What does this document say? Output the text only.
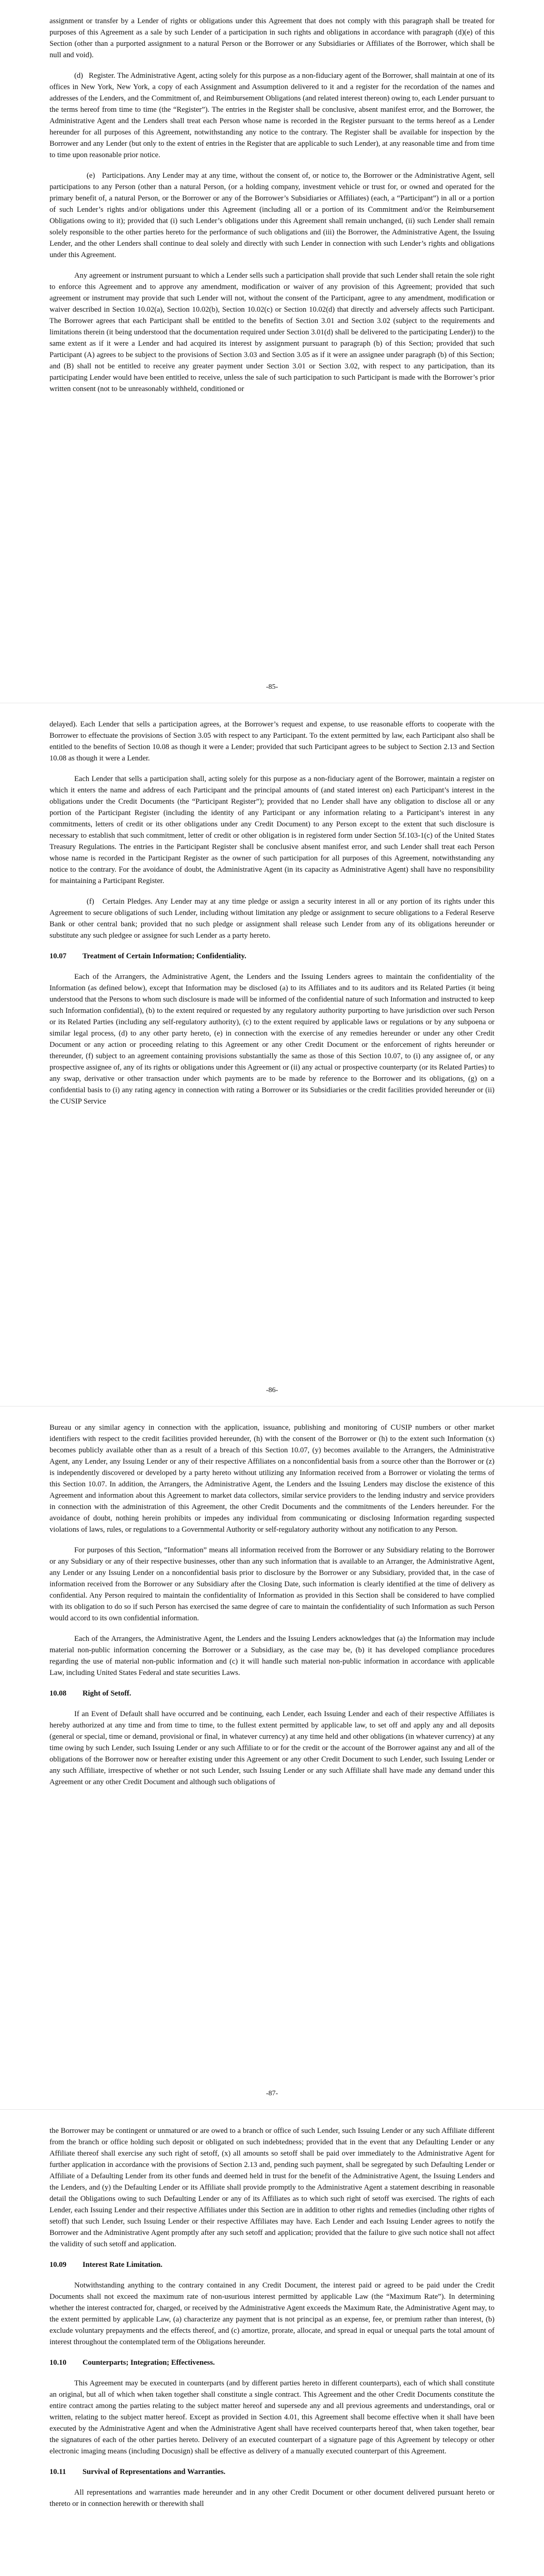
assignment or transfer by a Lender of rights or obligations under this Agreement that does not comply with this paragraph shall be treated for purposes of this Agreement as a sale by such Lender of a participation in such rights and obligations in accordance with paragraph (d)(e) of this Section (other than a purported assignment to a natural Person or the Borrower or any Subsidiaries or Affiliates of the Borrower, which shall be null and void).

(d)   Register. The Administrative Agent, acting solely for this purpose as a non-fiduciary agent of the Borrower, shall maintain at one of its offices in New York, New York, a copy of each Assignment and Assumption delivered to it and a register for the recordation of the names and addresses of the Lenders, and the Commitment of, and Reimbursement Obligations (and related interest thereon) owing to, each Lender pursuant to the terms hereof from time to time (the “Register”). The entries in the Register shall be conclusive, absent manifest error, and the Borrower, the Administrative Agent and the Lenders shall treat each Person whose name is recorded in the Register pursuant to the terms hereof as a Lender hereunder for all purposes of this Agreement, notwithstanding any notice to the contrary. The Register shall be available for inspection by the Borrower and any Lender (but only to the extent of entries in the Register that are applicable to such Lender), at any reasonable time and from time to time upon reasonable prior notice.

(e)   Participations. Any Lender may at any time, without the consent of, or notice to, the Borrower or the Administrative Agent, sell participations to any Person (other than a natural Person, (or a holding company, investment vehicle or trust for, or owned and operated for the primary benefit of, a natural Person, or the Borrower or any of the Borrower’s Subsidiaries or Affiliates) (each, a “Participant”) in all or a portion of such Lender’s rights and/or obligations under this Agreement (including all or a portion of its Commitment and/or the Reimbursement Obligations owing to it); provided that (i) such Lender’s obligations under this Agreement shall remain unchanged, (ii) such Lender shall remain solely responsible to the other parties hereto for the performance of such obligations and (iii) the Borrower, the Administrative Agent, the Issuing Lender, and the other Lenders shall continue to deal solely and directly with such Lender in connection with such Lender’s rights and obligations under this Agreement.

Any agreement or instrument pursuant to which a Lender sells such a participation shall provide that such Lender shall retain the sole right to enforce this Agreement and to approve any amendment, modification or waiver of any provision of this Agreement; provided that such agreement or instrument may provide that such Lender will not, without the consent of the Participant, agree to any amendment, modification or waiver described in Section 10.02(a), Section 10.02(b), Section 10.02(c) or Section 10.02(d) that directly and adversely affects such Participant. The Borrower agrees that each Participant shall be entitled to the benefits of Section 3.01 and Section 3.02 (subject to the requirements and limitations therein (it being understood that the documentation required under Section 3.01(d) shall be delivered to the participating Lender)) to the same extent as if it were a Lender and had acquired its interest by assignment pursuant to paragraph (b) of this Section; provided that such Participant (A) agrees to be subject to the provisions of Section 3.03 and Section 3.05 as if it were an assignee under paragraph (b) of this Section; and (B) shall not be entitled to receive any greater payment under Section 3.01 or Section 3.02, with respect to any participation, than its participating Lender would have been entitled to receive, unless the sale of such participation to such Participant is made with the Borrower’s prior written consent (not to be unreasonably withheld, conditioned or

-85-

delayed). Each Lender that sells a participation agrees, at the Borrower’s request and expense, to use reasonable efforts to cooperate with the Borrower to effectuate the provisions of Section 3.05 with respect to any Participant. To the extent permitted by law, each Participant also shall be entitled to the benefits of Section 10.08 as though it were a Lender; provided that such Participant agrees to be subject to Section 2.13 and Section 10.08 as though it were a Lender.

Each Lender that sells a participation shall, acting solely for this purpose as a non-fiduciary agent of the Borrower, maintain a register on which it enters the name and address of each Participant and the principal amounts of (and stated interest on) each Participant’s interest in the obligations under the Credit Documents (the “Participant Register”); provided that no Lender shall have any obligation to disclose all or any portion of the Participant Register (including the identity of any Participant or any information relating to a Participant’s interest in any commitments, letters of credit or its other obligations under any Credit Document) to any Person except to the extent that such disclosure is necessary to establish that such commitment, letter of credit or other obligation is in registered form under Section 5f.103-1(c) of the United States Treasury Regulations. The entries in the Participant Register shall be conclusive absent manifest error, and such Lender shall treat each Person whose name is recorded in the Participant Register as the owner of such participation for all purposes of this Agreement, notwithstanding any notice to the contrary. For the avoidance of doubt, the Administrative Agent (in its capacity as Administrative Agent) shall have no responsibility for maintaining a Participant Register.

(f)   Certain Pledges. Any Lender may at any time pledge or assign a security interest in all or any portion of its rights under this Agreement to secure obligations of such Lender, including without limitation any pledge or assignment to secure obligations to a Federal Reserve Bank or other central bank; provided that no such pledge or assignment shall release such Lender from any of its obligations hereunder or substitute any such pledgee or assignee for such Lender as a party hereto.

10.07 Treatment of Certain Information; Confidentiality.

Each of the Arrangers, the Administrative Agent, the Lenders and the Issuing Lenders agrees to maintain the confidentiality of the Information (as defined below), except that Information may be disclosed (a) to its Affiliates and to its auditors and its Related Parties (it being understood that the Persons to whom such disclosure is made will be informed of the confidential nature of such Information and instructed to keep such Information confidential), (b) to the extent required or requested by any regulatory authority purporting to have jurisdiction over such Person or its Related Parties (including any self-regulatory authority), (c) to the extent required by applicable laws or regulations or by any subpoena or similar legal process, (d) to any other party hereto, (e) in connection with the exercise of any remedies hereunder or under any other Credit Document or any action or proceeding relating to this Agreement or any other Credit Document or the enforcement of rights hereunder or thereunder, (f) subject to an agreement containing provisions substantially the same as those of this Section 10.07, to (i) any assignee of, or any prospective assignee of, any of its rights or obligations under this Agreement or (ii) any actual or prospective counterparty (or its Related Parties) to any swap, derivative or other transaction under which payments are to be made by reference to the Borrower and its obligations, (g) on a confidential basis to (i) any rating agency in connection with rating a Borrower or its Subsidiaries or the credit facilities provided hereunder or (ii) the CUSIP Service

-86-

Bureau or any similar agency in connection with the application, issuance, publishing and monitoring of CUSIP numbers or other market identifiers with respect to the credit facilities provided hereunder, (h) with the consent of the Borrower or (h) to the extent such Information (x) becomes publicly available other than as a result of a breach of this Section 10.07, (y) becomes available to the Arrangers, the Administrative Agent, any Lender, any Issuing Lender or any of their respective Affiliates on a nonconfidential basis from a source other than the Borrower or (z) is independently discovered or developed by a party hereto without utilizing any Information received from a Borrower or violating the terms of this Section 10.07. In addition, the Arrangers, the Administrative Agent, the Lenders and the Issuing Lenders may disclose the existence of this Agreement and information about this Agreement to market data collectors, similar service providers to the lending industry and service providers in connection with the administration of this Agreement, the other Credit Documents and the commitments of the Lenders hereunder. For the avoidance of doubt, nothing herein prohibits or impedes any individual from communicating or disclosing Information regarding suspected violations of laws, rules, or regulations to a Governmental Authority or self-regulatory authority without any notification to any Person.

For purposes of this Section, “Information” means all information received from the Borrower or any Subsidiary relating to the Borrower or any Subsidiary or any of their respective businesses, other than any such information that is available to an Arranger, the Administrative Agent, any Lender or any Issuing Lender on a nonconfidential basis prior to disclosure by the Borrower or any Subsidiary, provided that, in the case of information received from the Borrower or any Subsidiary after the Closing Date, such information is clearly identified at the time of delivery as confidential. Any Person required to maintain the confidentiality of Information as provided in this Section shall be considered to have complied with its obligation to do so if such Person has exercised the same degree of care to maintain the confidentiality of such Information as such Person would accord to its own confidential information.

Each of the Arrangers, the Administrative Agent, the Lenders and the Issuing Lenders acknowledges that (a) the Information may include material non-public information concerning the Borrower or a Subsidiary, as the case may be, (b) it has developed compliance procedures regarding the use of material non-public information and (c) it will handle such material non-public information in accordance with applicable Law, including United States Federal and state securities Laws.

10.08 Right of Setoff.

If an Event of Default shall have occurred and be continuing, each Lender, each Issuing Lender and each of their respective Affiliates is hereby authorized at any time and from time to time, to the fullest extent permitted by applicable law, to set off and apply any and all deposits (general or special, time or demand, provisional or final, in whatever currency) at any time held and other obligations (in whatever currency) at any time owing by such Lender, such Issuing Lender or any such Affiliate to or for the credit or the account of the Borrower against any and all of the obligations of the Borrower now or hereafter existing under this Agreement or any other Credit Document to such Lender, such Issuing Lender or any such Affiliate, irrespective of whether or not such Lender, such Issuing Lender or any such Affiliate shall have made any demand under this Agreement or any other Credit Document and although such obligations of

-87-

the Borrower may be contingent or unmatured or are owed to a branch or office of such Lender, such Issuing Lender or any such Affiliate different from the branch or office holding such deposit or obligated on such indebtedness; provided that in the event that any Defaulting Lender or any Affiliate thereof shall exercise any such right of setoff, (x) all amounts so setoff shall be paid over immediately to the Administrative Agent for further application in accordance with the provisions of Section 2.13 and, pending such payment, shall be segregated by such Defaulting Lender or Affiliate of a Defaulting Lender from its other funds and deemed held in trust for the benefit of the Administrative Agent, the Issuing Lenders and the Lenders, and (y) the Defaulting Lender or its Affiliate shall provide promptly to the Administrative Agent a statement describing in reasonable detail the Obligations owing to such Defaulting Lender or any of its Affiliates as to which such right of setoff was exercised. The rights of each Lender, each Issuing Lender and their respective Affiliates under this Section are in addition to other rights and remedies (including other rights of setoff) that such Lender, such Issuing Lender or their respective Affiliates may have. Each Lender and each Issuing Lender agrees to notify the Borrower and the Administrative Agent promptly after any such setoff and application; provided that the failure to give such notice shall not affect the validity of such setoff and application.

10.09 Interest Rate Limitation.

Notwithstanding anything to the contrary contained in any Credit Document, the interest paid or agreed to be paid under the Credit Documents shall not exceed the maximum rate of non-usurious interest permitted by applicable Law (the “Maximum Rate”). In determining whether the interest contracted for, charged, or received by the Administrative Agent exceeds the Maximum Rate, the Administrative Agent may, to the extent permitted by applicable Law, (a) characterize any payment that is not principal as an expense, fee, or premium rather than interest, (b) exclude voluntary prepayments and the effects thereof, and (c) amortize, prorate, allocate, and spread in equal or unequal parts the total amount of interest throughout the contemplated term of the Obligations hereunder.

10.10 Counterparts; Integration; Effectiveness.

This Agreement may be executed in counterparts (and by different parties hereto in different counterparts), each of which shall constitute an original, but all of which when taken together shall constitute a single contract. This Agreement and the other Credit Documents constitute the entire contract among the parties relating to the subject matter hereof and supersede any and all previous agreements and understandings, oral or written, relating to the subject matter hereof. Except as provided in Section 4.01, this Agreement shall become effective when it shall have been executed by the Administrative Agent and when the Administrative Agent shall have received counterparts hereof that, when taken together, bear the signatures of each of the other parties hereto. Delivery of an executed counterpart of a signature page of this Agreement by telecopy or other electronic imaging means (including Docusign) shall be effective as delivery of a manually executed counterpart of this Agreement.

10.11 Survival of Representations and Warranties.

All representations and warranties made hereunder and in any other Credit Document or other document delivered pursuant hereto or thereto or in connection herewith or therewith shall
